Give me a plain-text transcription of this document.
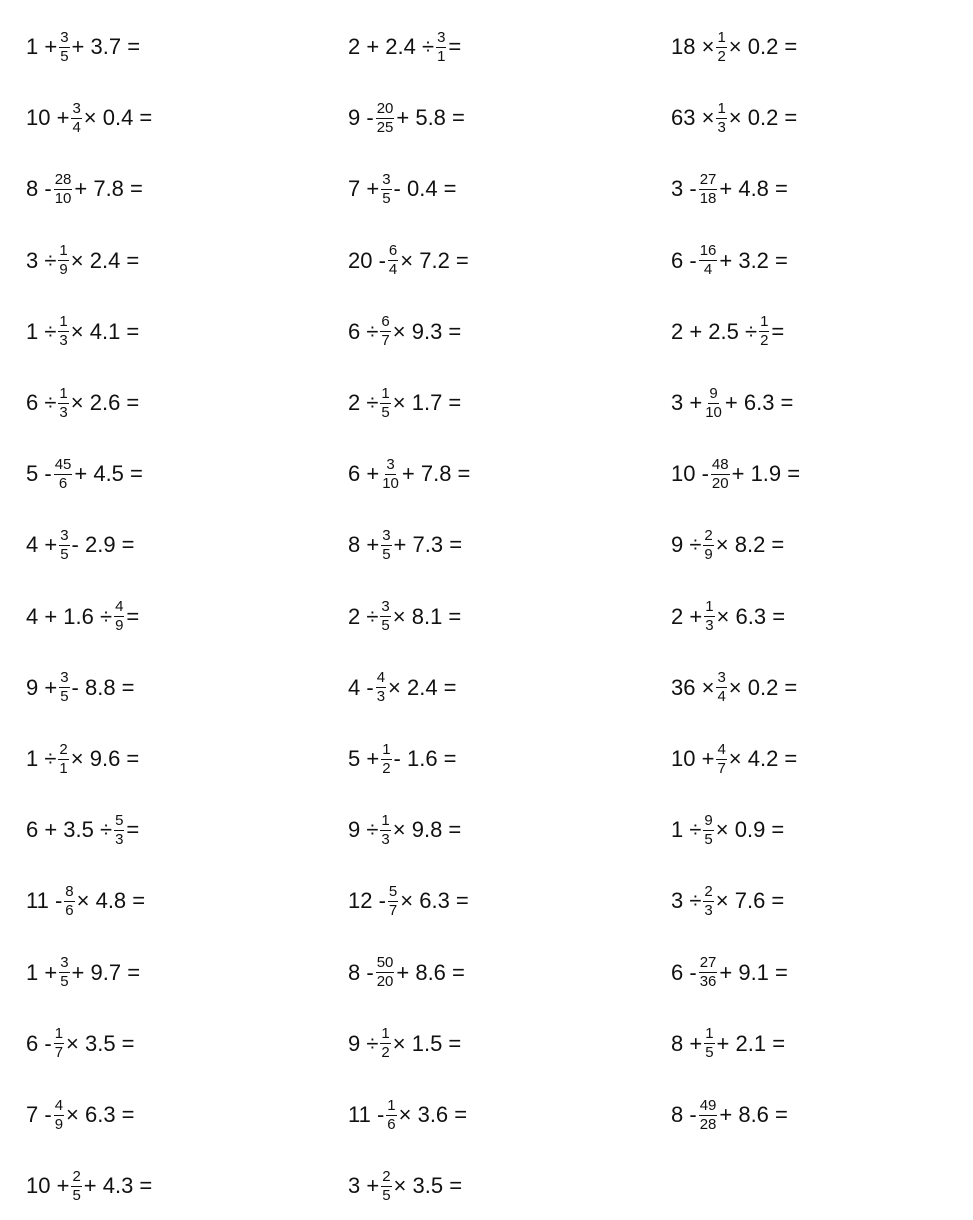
$1 + \frac{3}{5} + 3.7$ =
$10 + \frac{3}{4} \times 0.4$ =
$8 - \frac{28}{10} + 7.8$ =
$3 \div \frac{1}{9} \times 2.4$ =
$1 \div \frac{1}{3} \times 4.1$ =
$6 \div \frac{1}{3} \times 2.6$ =
$5 - \frac{45}{6} + 4.5$ =
$4 + \frac{3}{5} - 2.9$ =
$4 + 1.6 \div \frac{4}{9}$ =
$9 + \frac{3}{5} - 8.8$ =
$1 \div \frac{2}{1} \times 9.6$ =
$6 + 3.5 \div \frac{5}{3}$ =
$11 - \frac{8}{6} \times 4.8$ =
$1 + \frac{3}{5} + 9.7$ =
$6 - \frac{1}{7} \times 3.5$ =
$7 - \frac{4}{9} \times 6.3$ =
$10 + \frac{2}{5} + 4.3$ =
$2 + 2.4 \div \frac{3}{1}$ =
$9 - \frac{20}{25} + 5.8$ =
$7 + \frac{3}{5} - 0.4$ =
$20 - \frac{6}{4} \times 7.2$ =
$6 \div \frac{6}{7} \times 9.3$ =
$2 \div \frac{1}{5} \times 1.7$ =
$6 + \frac{3}{10} + 7.8$ =
$8 + \frac{3}{5} + 7.3$ =
$2 \div \frac{3}{5} \times 8.1$ =
$4 - \frac{4}{3} \times 2.4$ =
$5 + \frac{1}{2} - 1.6$ =
$9 \div \frac{1}{3} \times 9.8$ =
$12 - \frac{5}{7} \times 6.3$ =
$8 - \frac{50}{20} + 8.6$ =
$9 \div \frac{1}{2} \times 1.5$ =
$11 - \frac{1}{6} \times 3.6$ =
$3 + \frac{2}{5} \times 3.5$ =
$18 \times \frac{1}{2} \times 0.2$ =
$63 \times \frac{1}{3} \times 0.2$ =
$3 - \frac{27}{18} + 4.8$ =
$6 - \frac{16}{4} + 3.2$ =
$2 + 2.5 \div \frac{1}{2}$ =
$3 + \frac{9}{10} + 6.3$ =
$10 - \frac{48}{20} + 1.9$ =
$9 \div \frac{2}{9} \times 8.2$ =
$2 + \frac{1}{3} \times 6.3$ =
$36 \times \frac{3}{4} \times 0.2$ =
$10 + \frac{4}{7} \times 4.2$ =
$1 \div \frac{9}{5} \times 0.9$ =
$3 \div \frac{2}{3} \times 7.6$ =
$6 - \frac{27}{36} + 9.1$ =
$8 + \frac{1}{5} + 2.1$ =
$8 - \frac{49}{28} + 8.6$ =
